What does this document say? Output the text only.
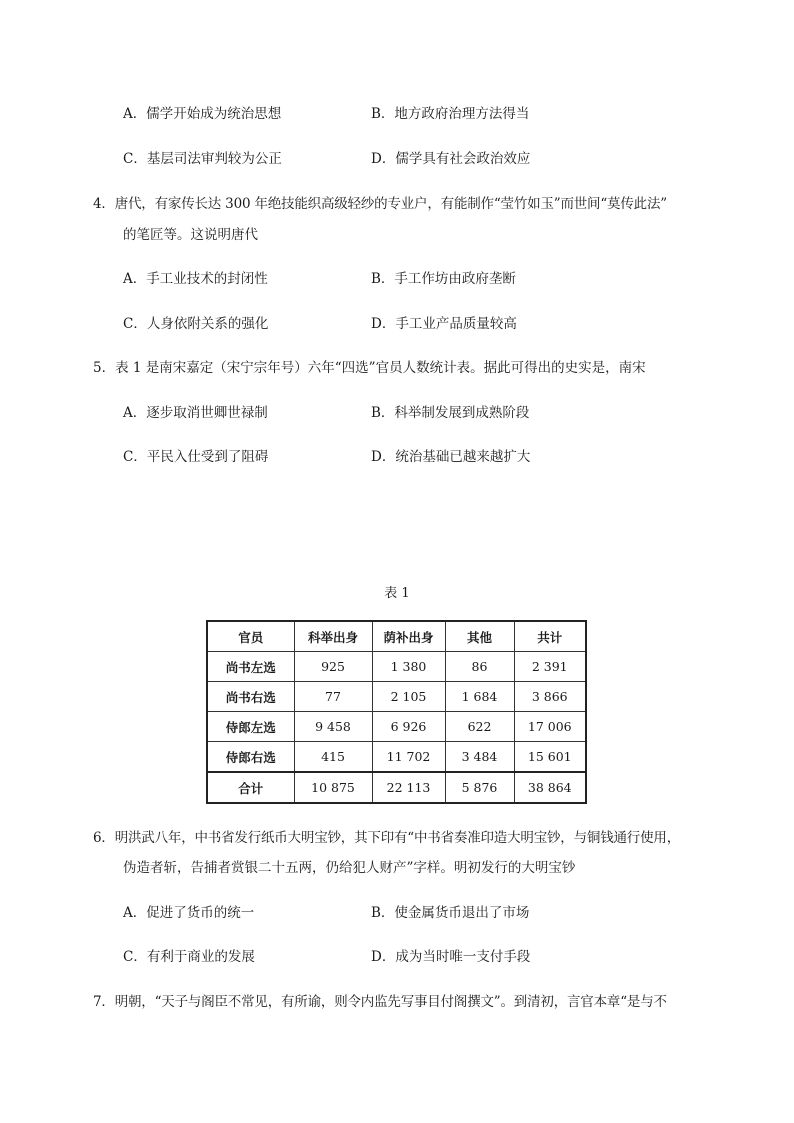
A．儒学开始成为统治思想	B．地方政府治理方法得当
C．基层司法审判较为公正	D．儒学具有社会政治效应
4．唐代，有家传长达 300 年绝技能织高级轻纱的专业户，有能制作“莹竹如玉”而世间“莫传此法”
的笔匠等。这说明唐代
A．手工业技术的封闭性	B．手工作坊由政府垄断
C．人身依附关系的强化	D．手工业产品质量较高
5．表 1 是南宋嘉定（宋宁宗年号）六年“四选”官员人数统计表。据此可得出的史实是，南宋
A．逐步取消世卿世禄制	B．科举制发展到成熟阶段
C．平民入仕受到了阻碍	D．统治基础已越来越扩大
表 1
官员	科举出身	荫补出身	其他	共计
尚书左选	925	1 380	86	2 391
尚书右选	77	2 105	1 684	3 866
侍郎左选	9 458	6 926	622	17 006
侍郎右选	415	11 702	3 484	15 601
合计	10 875	22 113	5 876	38 864
6．明洪武八年，中书省发行纸币大明宝钞，其下印有“中书省奏准印造大明宝钞，与铜钱通行使用，
伪造者斩，告捕者赏银二十五两，仍给犯人财产”字样。明初发行的大明宝钞
A．促进了货币的统一	B．使金属货币退出了市场
C．有利于商业的发展	D．成为当时唯一支付手段
7．明朝，“天子与阁臣不常见，有所谕，则令内监先写事目付阁撰文”。到清初，言官本章“是与不
